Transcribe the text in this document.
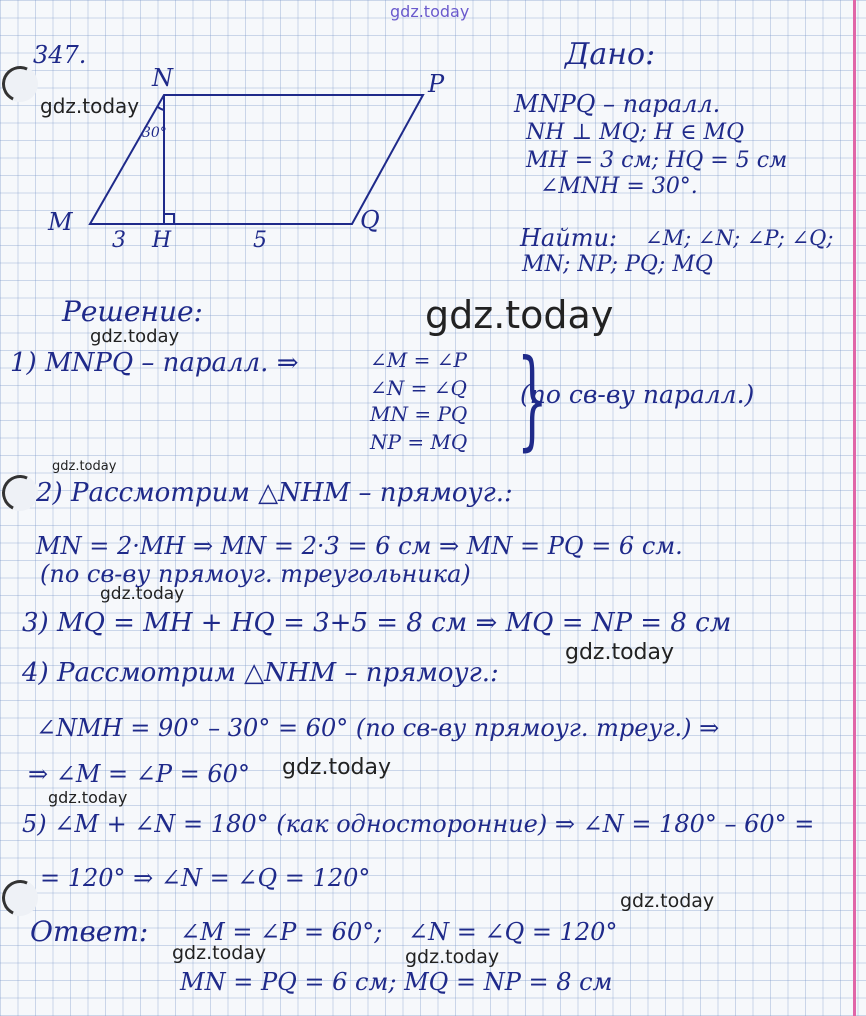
gdz.today
gdz.today
gdz.today
gdz.today
gdz.today
gdz.today
gdz.today
gdz.today
gdz.today
gdz.today
gdz.today	gdz.today
347.
N	P
M	Q
H
3	5
30°
Дано:
MNPQ – паралл.
NH ⊥ MQ; H ∈ MQ
MH = 3 см; HQ = 5 см
∠MNH = 30°.
Найти: ∠M; ∠N; ∠P; ∠Q;
MN; NP; PQ; MQ
Решение:
1) MNPQ – паралл. ⇒	∠M = ∠P
∠N = ∠Q
MN = PQ
NP = MQ }
(по св-ву паралл.)
2) Рассмотрим △NHM – прямоуг.:
MN = 2·MH ⇒ MN = 2·3 = 6 см ⇒ MN = PQ = 6 см.
(по св-ву прямоуг. треугольника)
3) MQ = MH + HQ = 3+5 = 8 см ⇒ MQ = NP = 8 см
4) Рассмотрим △NHM – прямоуг.:
∠NMH = 90° – 30° = 60° (по св-ву прямоуг. треуг.) ⇒
⇒ ∠M = ∠P = 60°
5) ∠M + ∠N = 180° (как односторонние) ⇒ ∠N = 180° – 60° =
= 120° ⇒ ∠N = ∠Q = 120°
Ответ: ∠M = ∠P = 60°; ∠N = ∠Q = 120°
MN = PQ = 6 см; MQ = NP = 8 см
